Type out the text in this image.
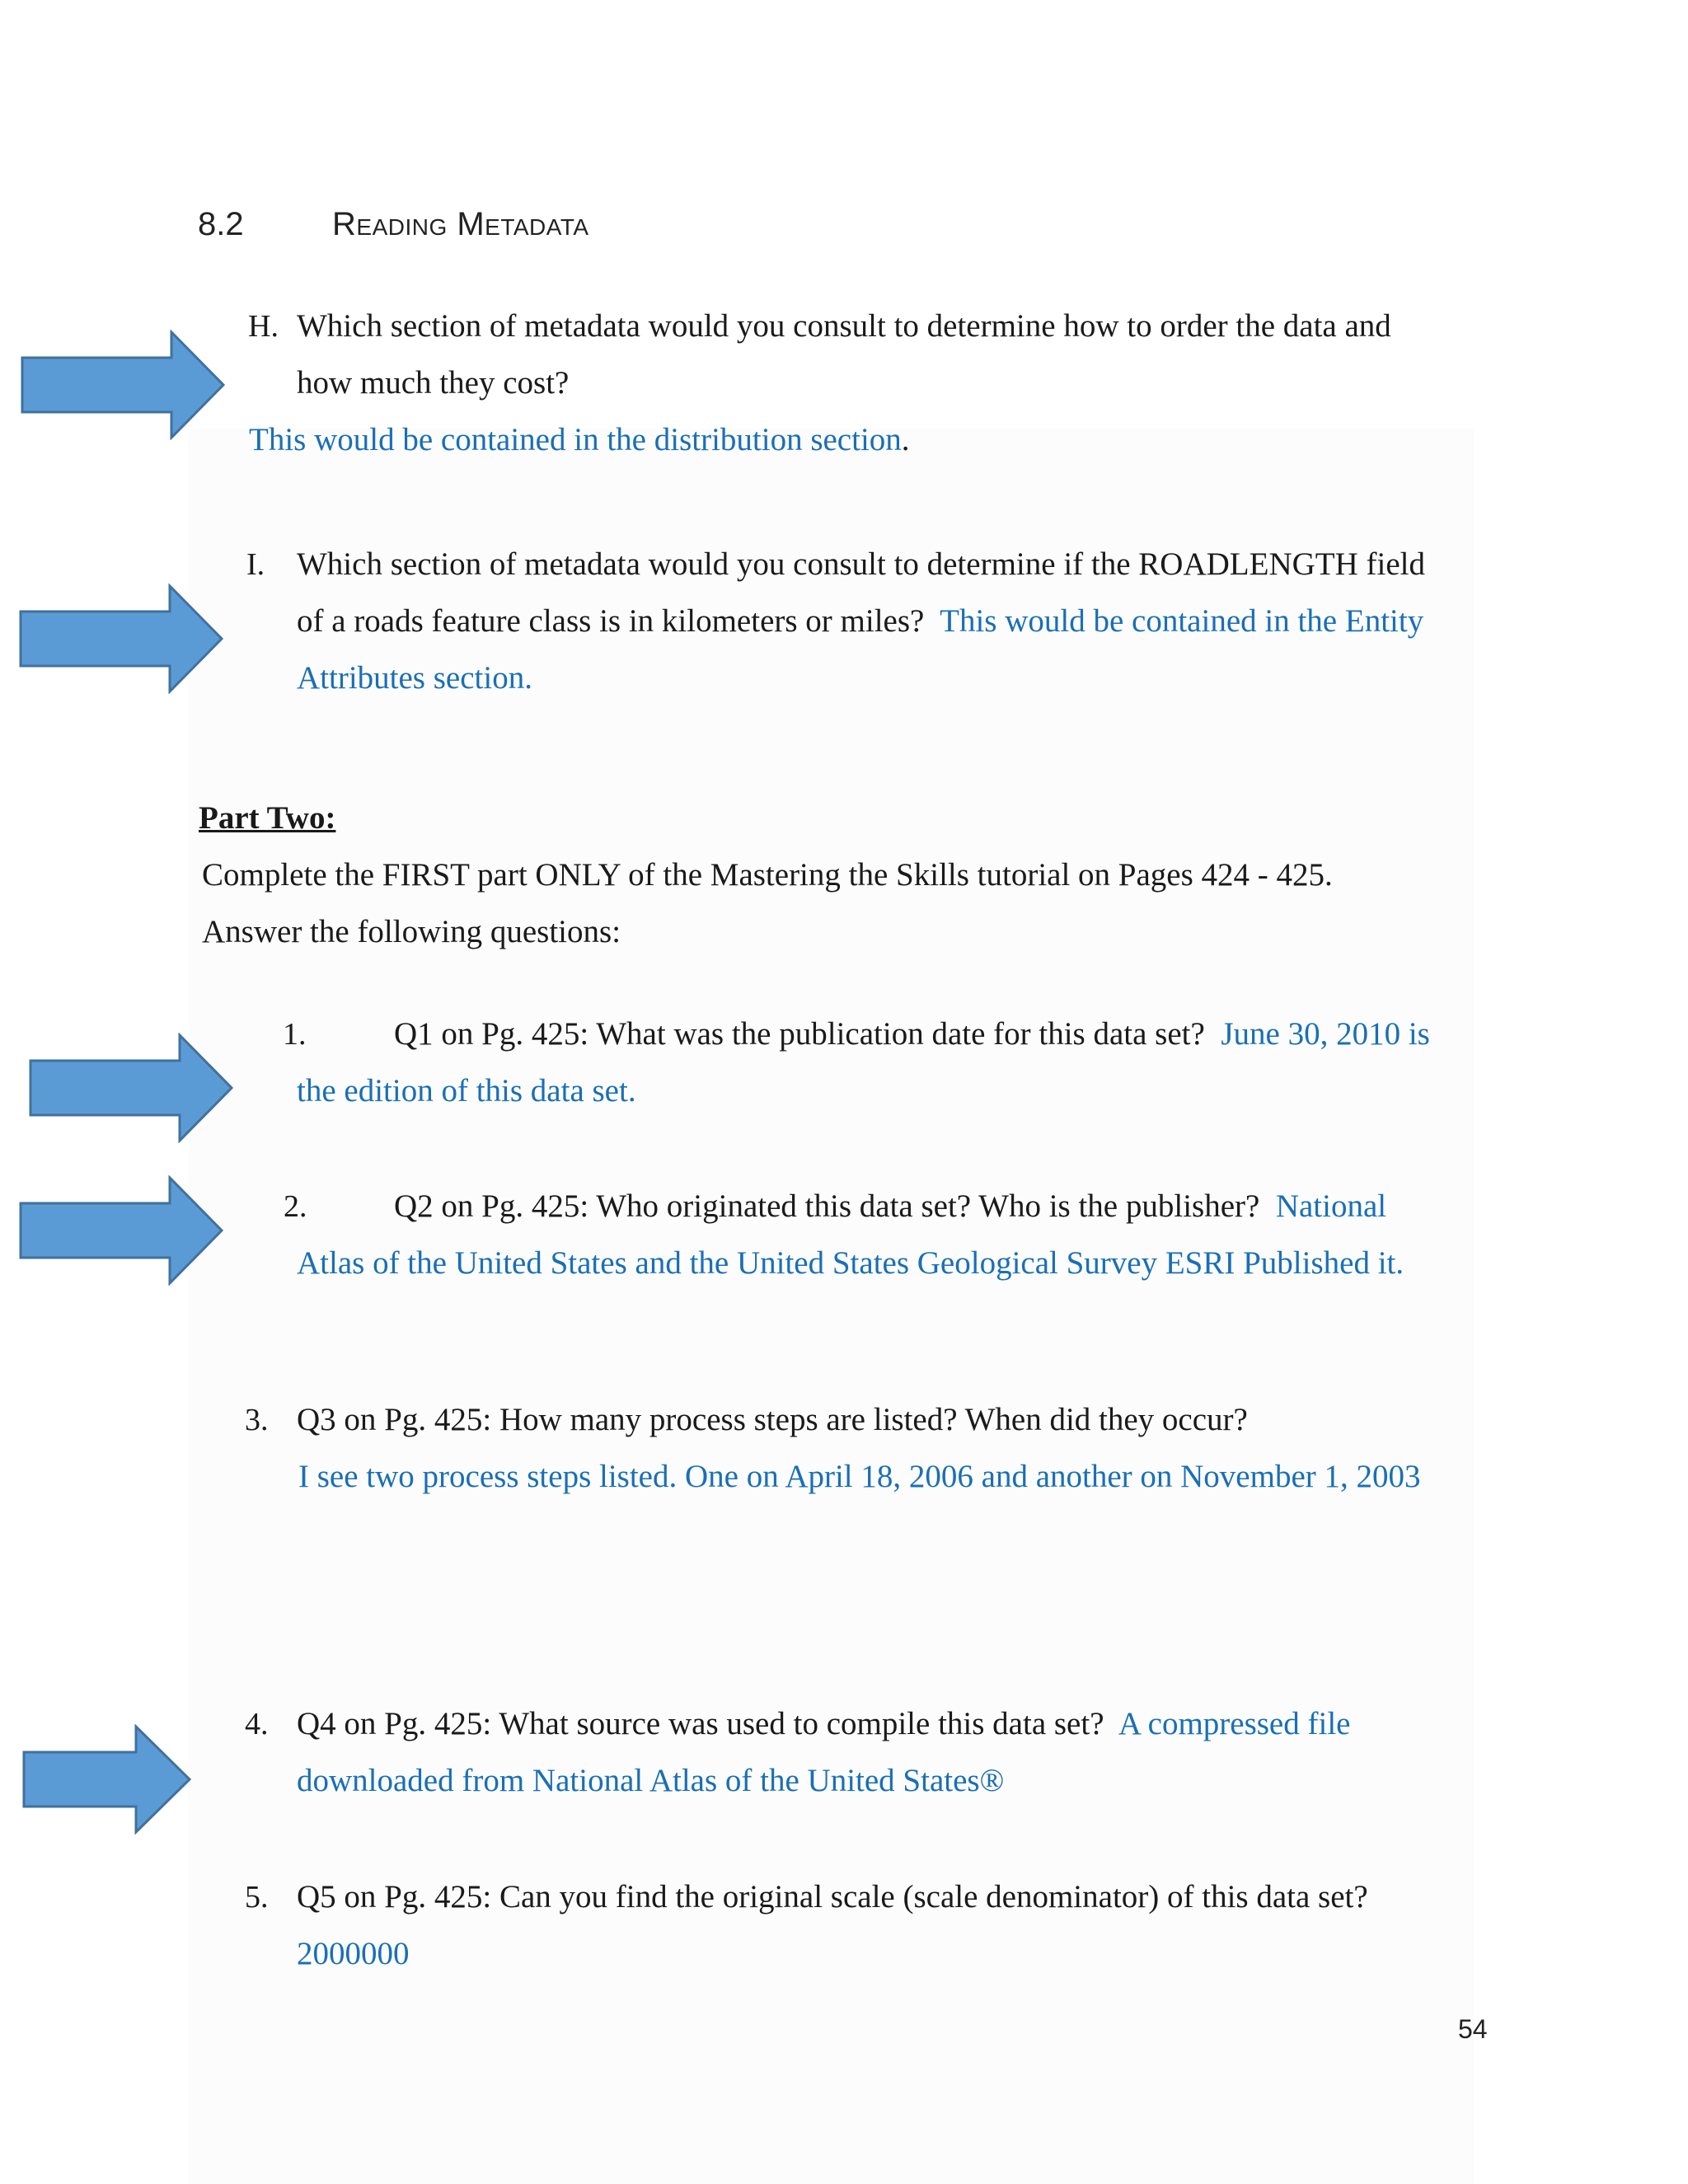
8.2	Reading Metadata
H. Which section of metadata would you consult to determine how to order the data and
how much they cost?
This would be contained in the distribution section.
I. Which section of metadata would you consult to determine if the ROADLENGTH field
of a roads feature class is in kilometers or miles? This would be contained in the Entity
Attributes section.
Part Two:
Complete the FIRST part ONLY of the Mastering the Skills tutorial on Pages 424 - 425.
Answer the following questions:
1.	Q1 on Pg. 425: What was the publication date for this data set? June 30, 2010 is
the edition of this data set.
2.	Q2 on Pg. 425: Who originated this data set? Who is the publisher? National
Atlas of the United States and the United States Geological Survey ESRI Published it.
3. Q3 on Pg. 425: How many process steps are listed? When did they occur?
I see two process steps listed. One on April 18, 2006 and another on November 1, 2003
4. Q4 on Pg. 425: What source was used to compile this data set? A compressed file
downloaded from National Atlas of the United States®
5. Q5 on Pg. 425: Can you find the original scale (scale denominator) of this data set?
2000000
54
